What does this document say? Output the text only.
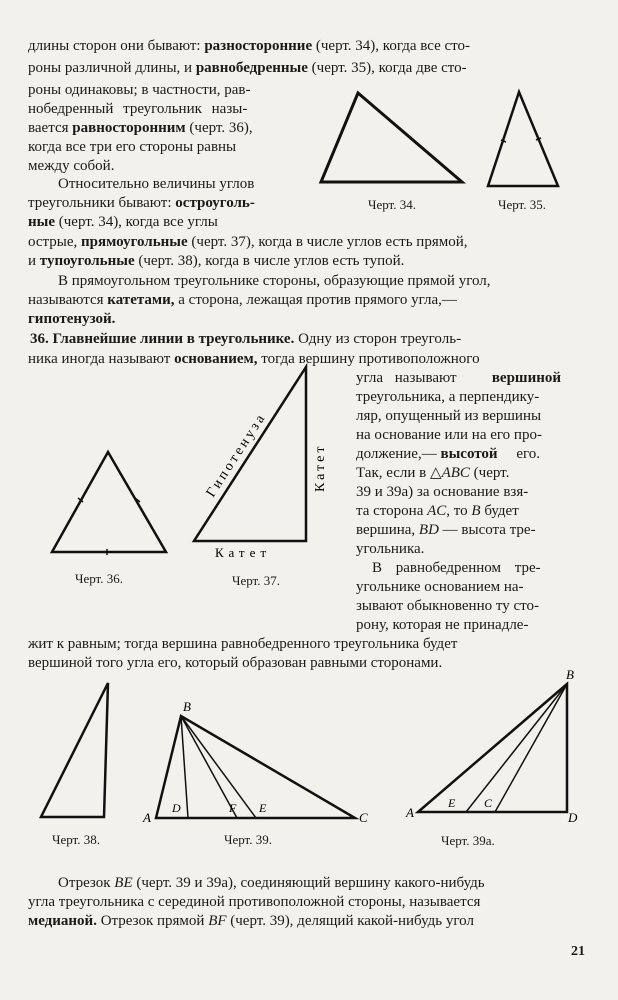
длины сторон они бывают: разносторонние (черт. 34), когда все сто-
роны различной длины, и равнобедренные (черт. 35), когда две сто-
роны одинаковы; в частности, рав-
нобедренный треугольник назы-
вается равносторонним (черт. 36),
когда все три его стороны равны
между собой.
Черт. 34.	Черт. 35.
Относительно величины углов
треугольники бывают: остроуголь-
ные (черт. 34), когда все углы
острые, прямоугольные (черт. 37), когда в числе углов есть прямой,
и тупоугольные (черт. 38), когда в числе углов есть тупой.
В прямоугольном треугольнике стороны, образующие прямой угол,
называются катетами, а сторона, лежащая против прямого угла,—
гипотенузой.
36. Главнейшие линии в треугольнике. Одну из сторон треуголь-
ника иногда называют основанием, тогда вершину противоположного
угла называют вершиной
треугольника, а перпендику-
ляр, опущенный из вершины
на основание или на его про-
должение,— высотой его.
Так, если в △ABC (черт.
39 и 39а) за основание взя-
та сторона AC, то B будет
вершина, BD — высота тре-
угольника.
В равнобедренном тре-
угольнике основанием на-
зывают обыкновенно ту сто-
рону, которая не принадле-
жит к равным; тогда вершина равнобедренного треугольника будет
вершиной того угла его, который образован равными сторонами.
Гипотенуза	Катет
Катет
Черт. 36.	Черт. 37.
A
B
C
D	F E	A
B
D
E C
Черт. 38.	Черт. 39.	Черт. 39а.
Отрезок BE (черт. 39 и 39а), соединяющий вершину какого-нибудь
угла треугольника с серединой противоположной стороны, называется
медианой. Отрезок прямой BF (черт. 39), делящий какой-нибудь угол
21
